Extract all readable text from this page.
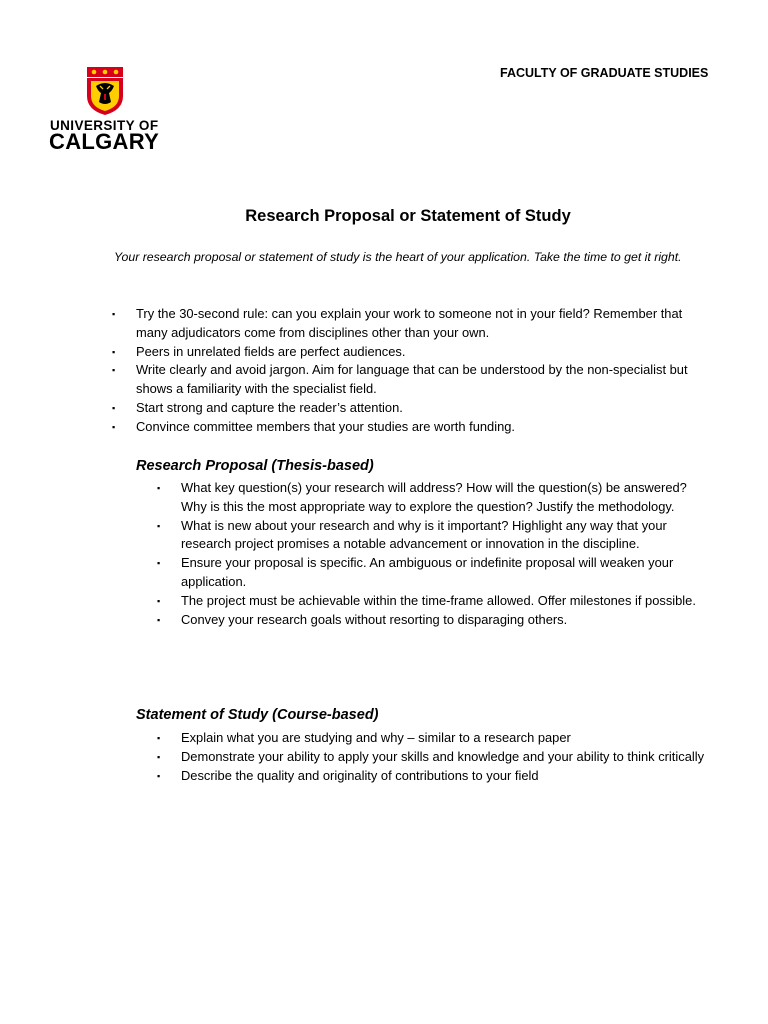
UNIVERSITY OF
CALGARY
FACULTY OF GRADUATE STUDIES
Research Proposal or Statement of Study
Your research proposal or statement of study is the heart of your application. Take the time to get it right.
▪ Try the 30-second rule: can you explain your work to someone not in your field? Remember that many adjudicators come from disciplines other than your own.
▪ Peers in unrelated fields are perfect audiences.
▪ Write clearly and avoid jargon. Aim for language that can be understood by the non-specialist but shows a familiarity with the specialist field.
▪ Start strong and capture the reader’s attention.
▪ Convince committee members that your studies are worth funding.
Research Proposal (Thesis-based)
▪ What key question(s) your research will address? How will the question(s) be answered? Why is this the most appropriate way to explore the question? Justify the methodology.
▪ What is new about your research and why is it important? Highlight any way that your research project promises a notable advancement or innovation in the discipline.
▪ Ensure your proposal is specific. An ambiguous or indefinite proposal will weaken your application.
▪ The project must be achievable within the time-frame allowed. Offer milestones if possible.
▪ Convey your research goals without resorting to disparaging others.
Statement of Study (Course-based)
▪ Explain what you are studying and why – similar to a research paper
▪ Demonstrate your ability to apply your skills and knowledge and your ability to think critically
▪ Describe the quality and originality of contributions to your field
